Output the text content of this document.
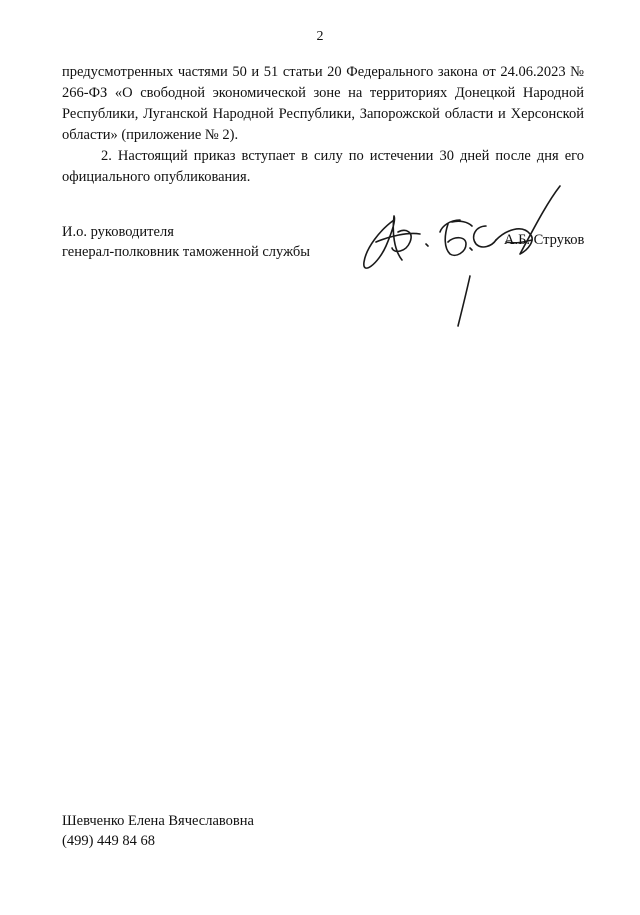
2

предусмотренных частями 50 и 51 статьи 20 Федерального закона от 24.06.2023 № 266-ФЗ «О свободной экономической зоне на территориях Донецкой Народной Республики, Луганской Народной Республики, Запорожской области и Херсонской области» (приложение № 2).

2. Настоящий приказ вступает в силу по истечении 30 дней после дня его официального опубликования.

И.о. руководителя
генерал-полковник таможенной службы
А.Б. Струков
Шевченко Елена Вячеславовна
(499) 449 84 68
